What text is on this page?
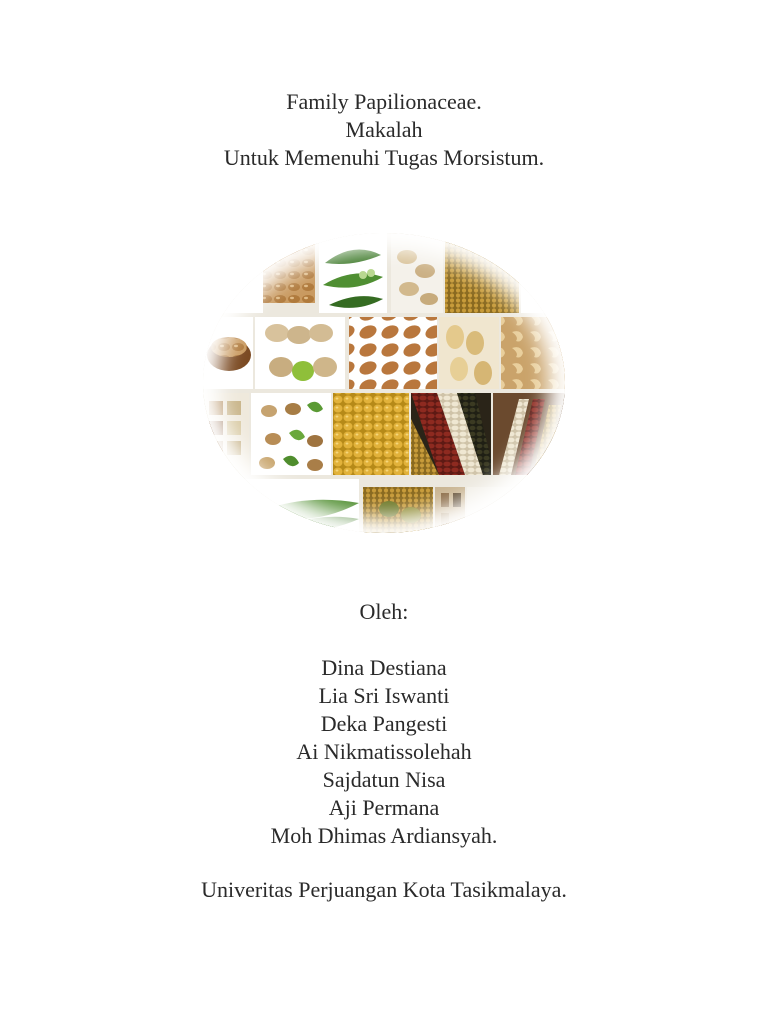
Family Papilionaceae.
Makalah
Untuk Memenuhi Tugas Morsistum.
Oleh:
Dina Destiana
Lia Sri Iswanti
Deka Pangesti
Ai Nikmatissolehah
Sajdatun Nisa
Aji Permana
Moh Dhimas Ardiansyah.
Univeritas Perjuangan Kota Tasikmalaya.
